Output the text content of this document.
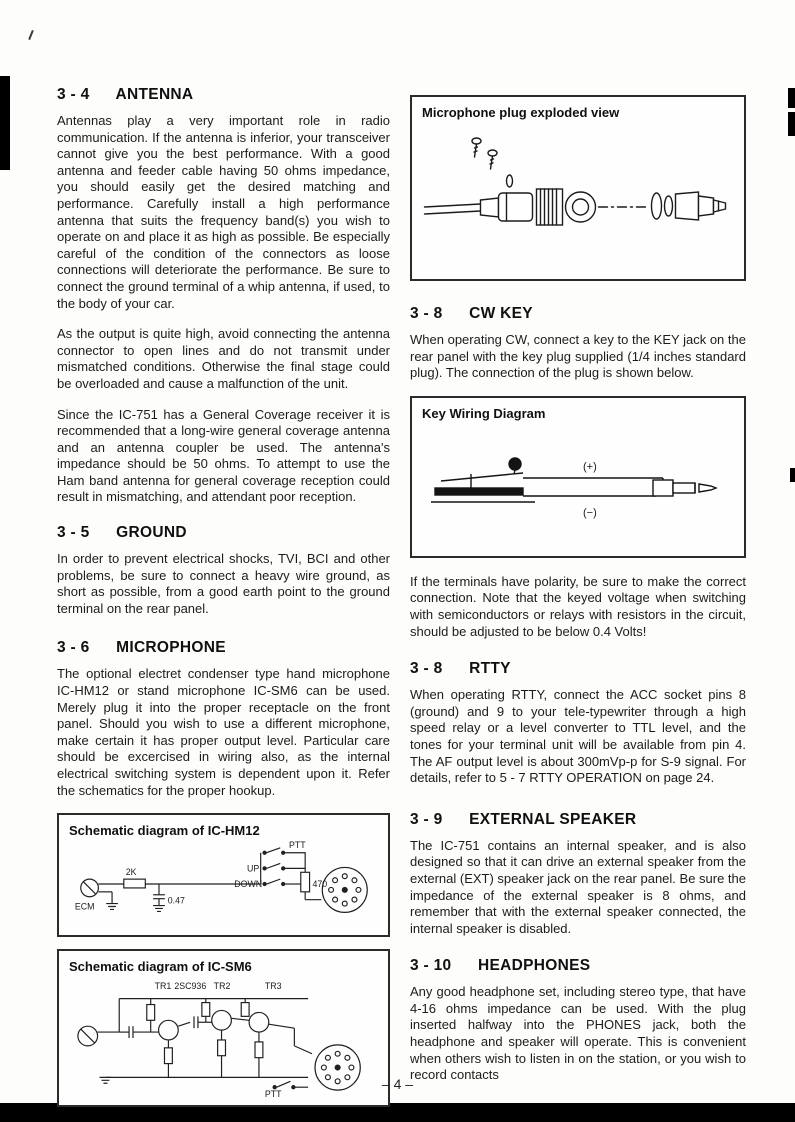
3 - 4 ANTENNA

Antennas play a very important role in radio communication. If the antenna is inferior, your transceiver cannot give you the best performance. With a good antenna and feeder cable having 50 ohms impedance, you should easily get the desired matching and performance. Carefully install a high performance antenna that suits the frequency band(s) you wish to operate on and place it as high as possible. Be especially careful of the condition of the connectors as loose connections will deteriorate the performance. Be sure to connect the ground terminal of a whip antenna, if used, to the body of your car.

As the output is quite high, avoid connecting the antenna connector to open lines and do not transmit under mismatched conditions. Otherwise the final stage could be overloaded and cause a malfunction of the unit.

Since the IC-751 has a General Coverage receiver it is recommended that a long-wire general coverage antenna and an antenna coupler be used. The antenna's impedance should be 50 ohms. To attempt to use the Ham band antenna for general coverage reception could result in mismatching, and attendant poor reception.

3 - 5 GROUND

In order to prevent electrical shocks, TVI, BCI and other problems, be sure to connect a heavy wire ground, as short as possible, from a good earth point to the ground terminal on the rear panel.

3 - 6 MICROPHONE

The optional electret condenser type hand microphone IC-HM12 or stand microphone IC-SM6 can be used. Merely plug it into the proper receptacle on the front panel. Should you wish to use a different microphone, make certain it has proper output level. Particular care should be excercised in wiring also, as the internal electrical switching system is dependent upon it. Refer the schematics for the proper hookup.

Schematic diagram of IC-HM12
ECM
2K
0.47
PTT
UP
DOWN	470
Schematic diagram of IC-SM6
TR1 2SC936 TR2	TR3
PTT
Microphone plug exploded view
3 - 8 CW KEY

When operating CW, connect a key to the KEY jack on the rear panel with the key plug supplied (1/4 inches standard plug). The connection of the plug is shown below.

Key Wiring Diagram
(+)
(−)

If the terminals have polarity, be sure to make the correct connection. Note that the keyed voltage when switching with semiconductors or relays with resistors in the circuit, should be adjusted to be below 0.4 Volts!

3 - 8 RTTY

When operating RTTY, connect the ACC socket pins 8 (ground) and 9 to your tele-typewriter through a high speed relay or a level converter to TTL level, and the tones for your terminal unit will be available from pin 4. The AF output level is about 300mVp-p for S-9 signal. For details, refer to 5 - 7 RTTY OPERATION on page 24.

3 - 9 EXTERNAL SPEAKER

The IC-751 contains an internal speaker, and is also designed so that it can drive an external speaker from the external (EXT) speaker jack on the rear panel. Be sure the impedance of the external speaker is 8 ohms, and remember that with the external speaker connected, the internal speaker is disabled.

3 - 10 HEADPHONES

Any good headphone set, including stereo type, that have 4-16 ohms impedance can be used. With the plug inserted halfway into the PHONES jack, both the headphone and speaker will operate. This is convenient when others wish to listen in on the station, or you wish to record contacts

– 4 –
